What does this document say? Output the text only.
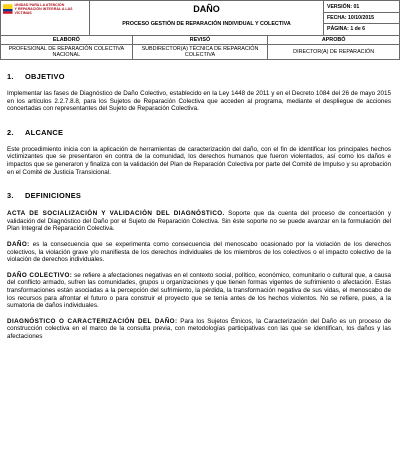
UNIDAD PARA LA ATENCIÓN
Y REPARACIÓN INTEGRAL A LAS VÍCTIMAS	DAÑO
PROCESO GESTIÓN DE REPARACIÓN INDIVIDUAL Y COLECTIVA

VERSIÓN: 01
FECHA: 10/10/2015
PÁGINA: 1 de 6
ELABORÓ	REVISÓ	APROBÓ
PROFESIONAL DE REPARACIÓN COLECTIVA NACIONAL	SUBDIRECTOR(A) TÉCNICA DE REPARACIÓN COLECTIVA	DIRECTOR(A) DE REPARACIÓN
1. OBJETIVO

Implementar las fases de Diagnóstico de Daño Colectivo, establecido en la Ley 1448 de 2011 y en el Decreto 1084 del 26 de mayo 2015 en los artículos 2.2.7.8.8, para los Sujetos de Reparación Colectiva que acceden al programa, mediante el despliegue de acciones concertadas con representantes del Sujeto de Reparación Colectiva.

2. ALCANCE

Este procedimiento inicia con la aplicación de herramientas de caracterización del daño, con el fin de identificar los principales hechos victimizantes que se presentaron en contra de la comunidad, los derechos humanos que fueron violentados, así como los daños e impactos que se generaron y finaliza con la validación del Plan de Reparación Colectiva por parte del Comité de Impulso y su aprobación en el Comité de Justicia Transicional.

3. DEFINICIONES

ACTA DE SOCIALIZACIÓN Y VALIDACIÓN DEL DIAGNÓSTICO. Soporte que da cuenta del proceso de concertación y validación del Diagnóstico del Daño por el Sujeto de Reparación Colectiva. Sin éste soporte no se puede avanzar en la formulación del Plan Integral de Reparación Colectiva.

DAÑO: es la consecuencia que se experimenta como consecuencia del menoscabo ocasionado por la violación de los derechos colectivos, la violación grave y/o manifiesta de los derechos individuales de los miembros de los colectivos o el impacto colectivo de la violación de derechos individuales.

DAÑO COLECTIVO: se refiere a afectaciones negativas en el contexto social, político, económico, comunitario o cultural que, a causa del conflicto armado, sufren las comunidades, grupos u organizaciones y que tienen formas vigentes de sufrimiento o afectación. Estas transformaciones están asociadas a la percepción del sufrimiento, la pérdida, la transformación negativa de sus vidas, el menoscabo de los recursos para afrontar el futuro o para construir el proyecto que se tenía antes de los hechos violentos. No se refiere, pues, a la sumatoria de daños individuales.

DIAGNÓSTICO O CARACTERIZACIÓN DEL DAÑO: Para los Sujetos Étnicos, la Caracterización del Daño es un proceso de construcción colectiva en el marco de la consulta previa, con metodologías participativas con las que se identifican, los daños y las afectaciones
